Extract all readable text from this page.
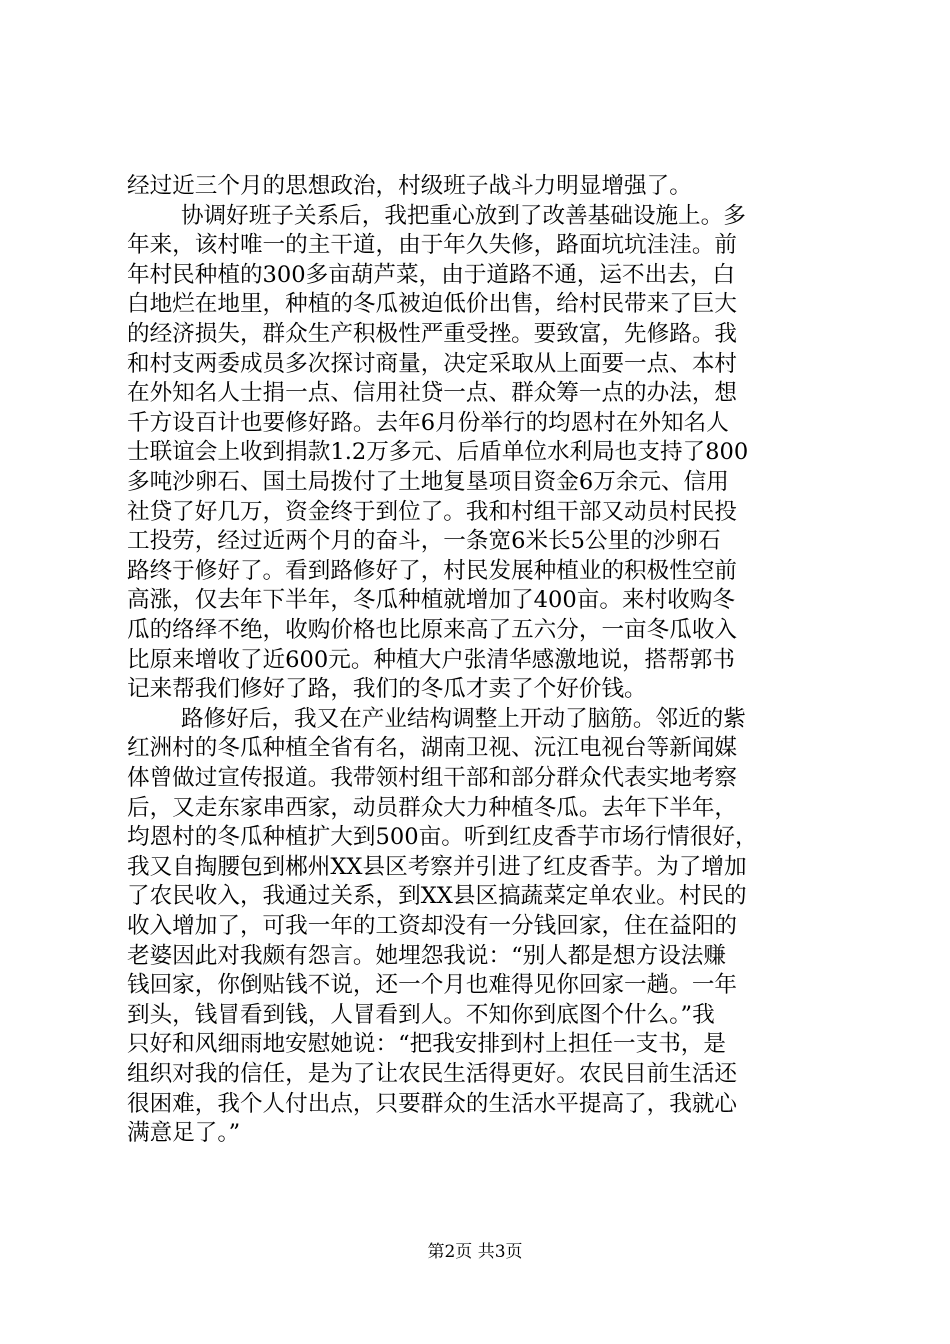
经过近三个月的思想政治，村级班子战斗力明显增强了。
协调好班子关系后，我把重心放到了改善基础设施上。多
年来，该村唯一的主干道，由于年久失修，路面坑坑洼洼。前
年村民种植的300多亩葫芦菜，由于道路不通，运不出去，白
白地烂在地里，种植的冬瓜被迫低价出售，给村民带来了巨大
的经济损失，群众生产积极性严重受挫。要致富，先修路。我
和村支两委成员多次探讨商量，决定采取从上面要一点、本村
在外知名人士捐一点、信用社贷一点、群众筹一点的办法，想
千方设百计也要修好路。去年6月份举行的均恩村在外知名人
士联谊会上收到捐款1.2万多元、后盾单位水利局也支持了800
多吨沙卵石、国土局拨付了土地复垦项目资金6万余元、信用
社贷了好几万，资金终于到位了。我和村组干部又动员村民投
工投劳，经过近两个月的奋斗，一条宽6米长5公里的沙卵石
路终于修好了。看到路修好了，村民发展种植业的积极性空前
高涨，仅去年下半年，冬瓜种植就增加了400亩。来村收购冬
瓜的络绎不绝，收购价格也比原来高了五六分，一亩冬瓜收入
比原来增收了近600元。种植大户张清华感激地说，搭帮郭书
记来帮我们修好了路，我们的冬瓜才卖了个好价钱。
路修好后，我又在产业结构调整上开动了脑筋。邻近的紫
红洲村的冬瓜种植全省有名，湖南卫视、沅江电视台等新闻媒
体曾做过宣传报道。我带领村组干部和部分群众代表实地考察
后，又走东家串西家，动员群众大力种植冬瓜。去年下半年，
均恩村的冬瓜种植扩大到500亩。听到红皮香芋市场行情很好，
我又自掏腰包到郴州XX县区考察并引进了红皮香芋。为了增加
了农民收入，我通过关系，到XX县区搞蔬菜定单农业。村民的
收入增加了，可我一年的工资却没有一分钱回家，住在益阳的
老婆因此对我颇有怨言。她埋怨我说：“别人都是想方设法赚
钱回家，你倒贴钱不说，还一个月也难得见你回家一趟。一年
到头，钱冒看到钱，人冒看到人。不知你到底图个什么。”我
只好和风细雨地安慰她说：“把我安排到村上担任一支书，是
组织对我的信任，是为了让农民生活得更好。农民目前生活还
很困难，我个人付出点，只要群众的生活水平提高了，我就心
满意足了。”
第2页 共3页
